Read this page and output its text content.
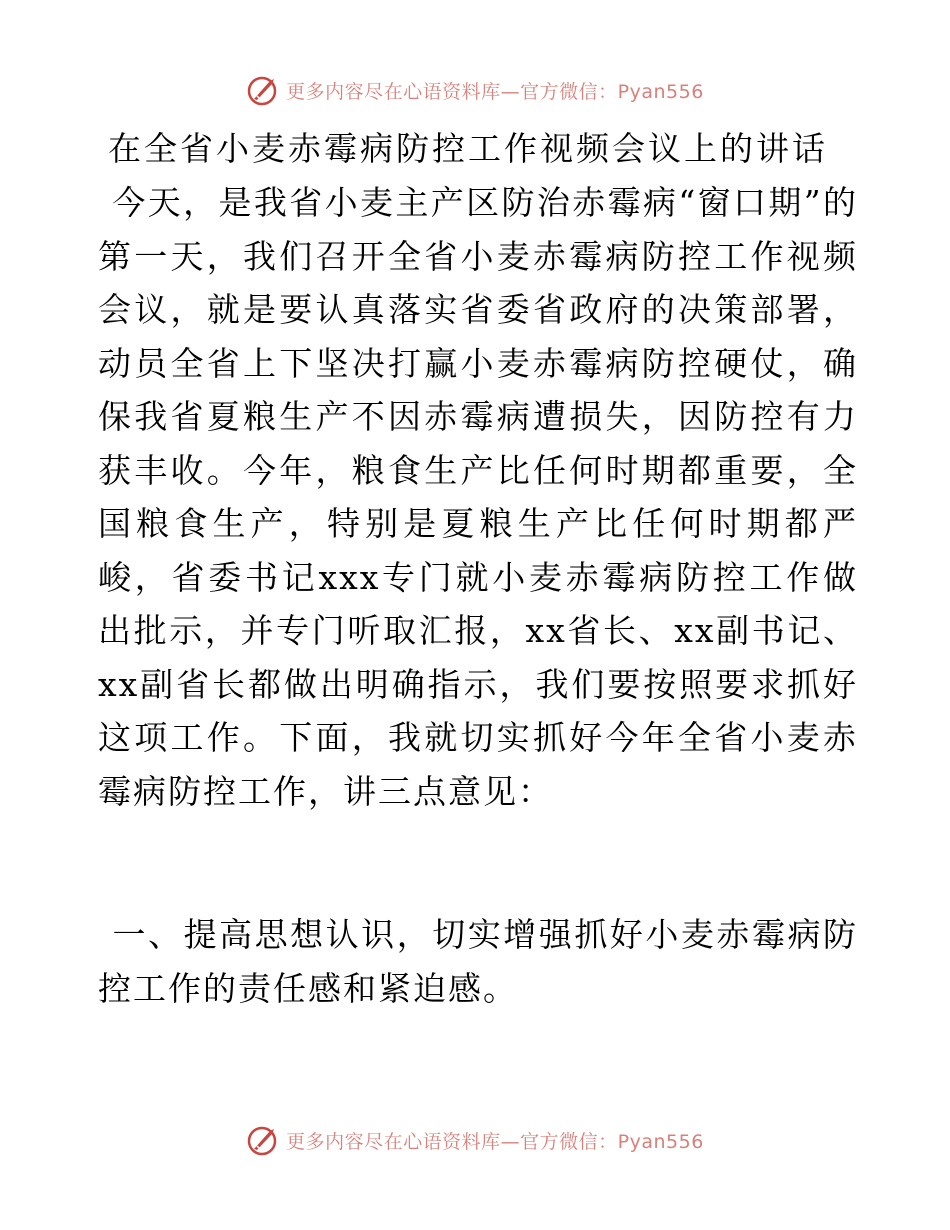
更多内容尽在心语资料库—官方微信：Pyan556
在全省小麦赤霉病防控工作视频会议上的讲话

今天，是我省小麦主产区防治赤霉病“窗口期”的第一天，我们召开全省小麦赤霉病防控工作视频会议，就是要认真落实省委省政府的决策部署，动员全省上下坚决打赢小麦赤霉病防控硬仗，确保我省夏粮生产不因赤霉病遭损失，因防控有力获丰收。今年，粮食生产比任何时期都重要，全国粮食生产，特别是夏粮生产比任何时期都严峻，省委书记xxx专门就小麦赤霉病防控工作做出批示，并专门听取汇报，xx省长、xx副书记、xx副省长都做出明确指示，我们要按照要求抓好这项工作。下面，我就切实抓好今年全省小麦赤霉病防控工作，讲三点意见：

一、提高思想认识，切实增强抓好小麦赤霉病防控工作的责任感和紧迫感。

更多内容尽在心语资料库—官方微信：Pyan556
